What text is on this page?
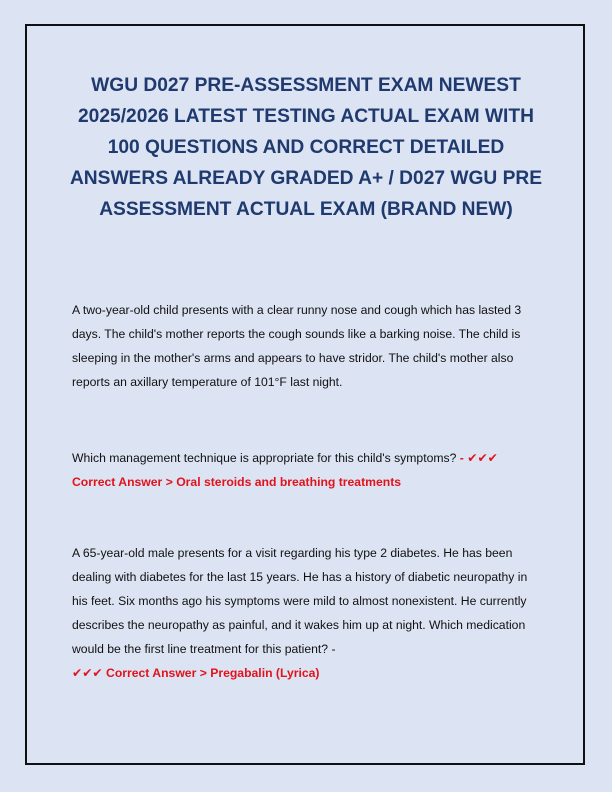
WGU D027 PRE-ASSESSMENT EXAM NEWEST 2025/2026 LATEST TESTING ACTUAL EXAM WITH 100 QUESTIONS AND CORRECT DETAILED ANSWERS ALREADY GRADED A+ / D027 WGU PRE ASSESSMENT ACTUAL EXAM (BRAND NEW)

A two-year-old child presents with a clear runny nose and cough which has lasted 3 days. The child's mother reports the cough sounds like a barking noise. The child is sleeping in the mother's arms and appears to have stridor. The child's mother also reports an axillary temperature of 101°F last night.

Which management technique is appropriate for this child's symptoms? - ✔✔✔
Correct Answer > Oral steroids and breathing treatments

A 65-year-old male presents for a visit regarding his type 2 diabetes. He has been dealing with diabetes for the last 15 years. He has a history of diabetic neuropathy in his feet. Six months ago his symptoms were mild to almost nonexistent. He currently describes the neuropathy as painful, and it wakes him up at night. Which medication would be the first line treatment for this patient? -
✔✔✔ Correct Answer > Pregabalin (Lyrica)
